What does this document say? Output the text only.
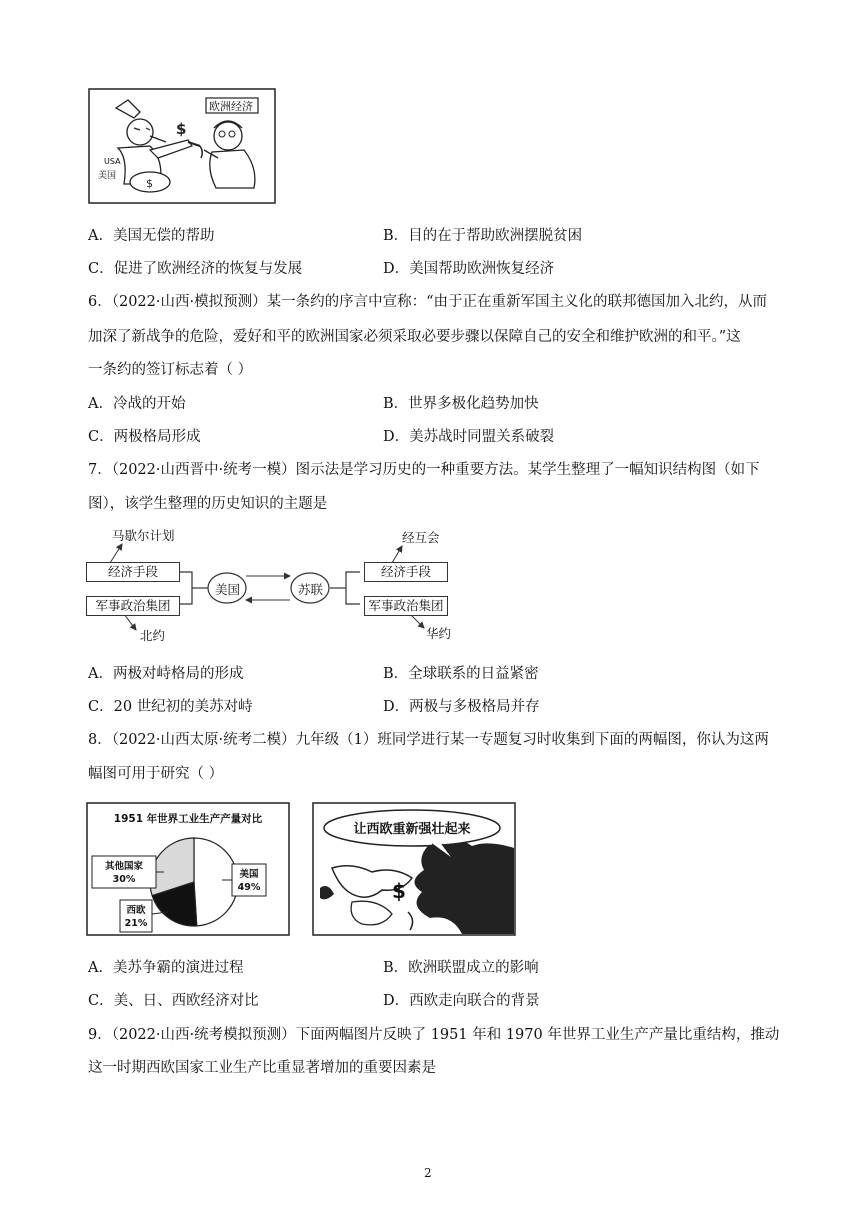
$
$
欧洲经济
美国
USA
A．美国无偿的帮助	B．目的在于帮助欧洲摆脱贫困
C．促进了欧洲经济的恢复与发展	D．美国帮助欧洲恢复经济
6．（2022·山西·模拟预测）某一条约的序言中宣称：“由于正在重新军国主义化的联邦德国加入北约，从而
加深了新战争的危险，爱好和平的欧洲国家必须采取必要步骤以保障自己的安全和维护欧洲的和平。”这
一条约的签订标志着（ ）
A．冷战的开始	B．世界多极化趋势加快
C．两极格局形成	D．美苏战时同盟关系破裂
7．（2022·山西晋中·统考一模）图示法是学习历史的一种重要方法。某学生整理了一幅知识结构图（如下
图），该学生整理的历史知识的主题是
马歇尔计划
经济手段
军事政治集团
北约
美国	苏联
经互会
经济手段
军事政治集团
华约
A．两极对峙格局的形成	B．全球联系的日益紧密
C．20 世纪初的美苏对峙	D．两极与多极格局并存
8．（2022·山西太原·统考二模）九年级（1）班同学进行某一专题复习时收集到下面的两幅图，你认为这两
幅图可用于研究（ ）
1951 年世界工业生产产量对比
其他国家
30%
西欧
21%
美国
49%	$
让西欧重新强壮起来
A．美苏争霸的演进过程	B．欧洲联盟成立的影响
C．美、日、西欧经济对比	D．西欧走向联合的背景
9．（2022·山西·统考模拟预测）下面两幅图片反映了 1951 年和 1970 年世界工业生产产量比重结构，推动
这一时期西欧国家工业生产比重显著增加的重要因素是
2
